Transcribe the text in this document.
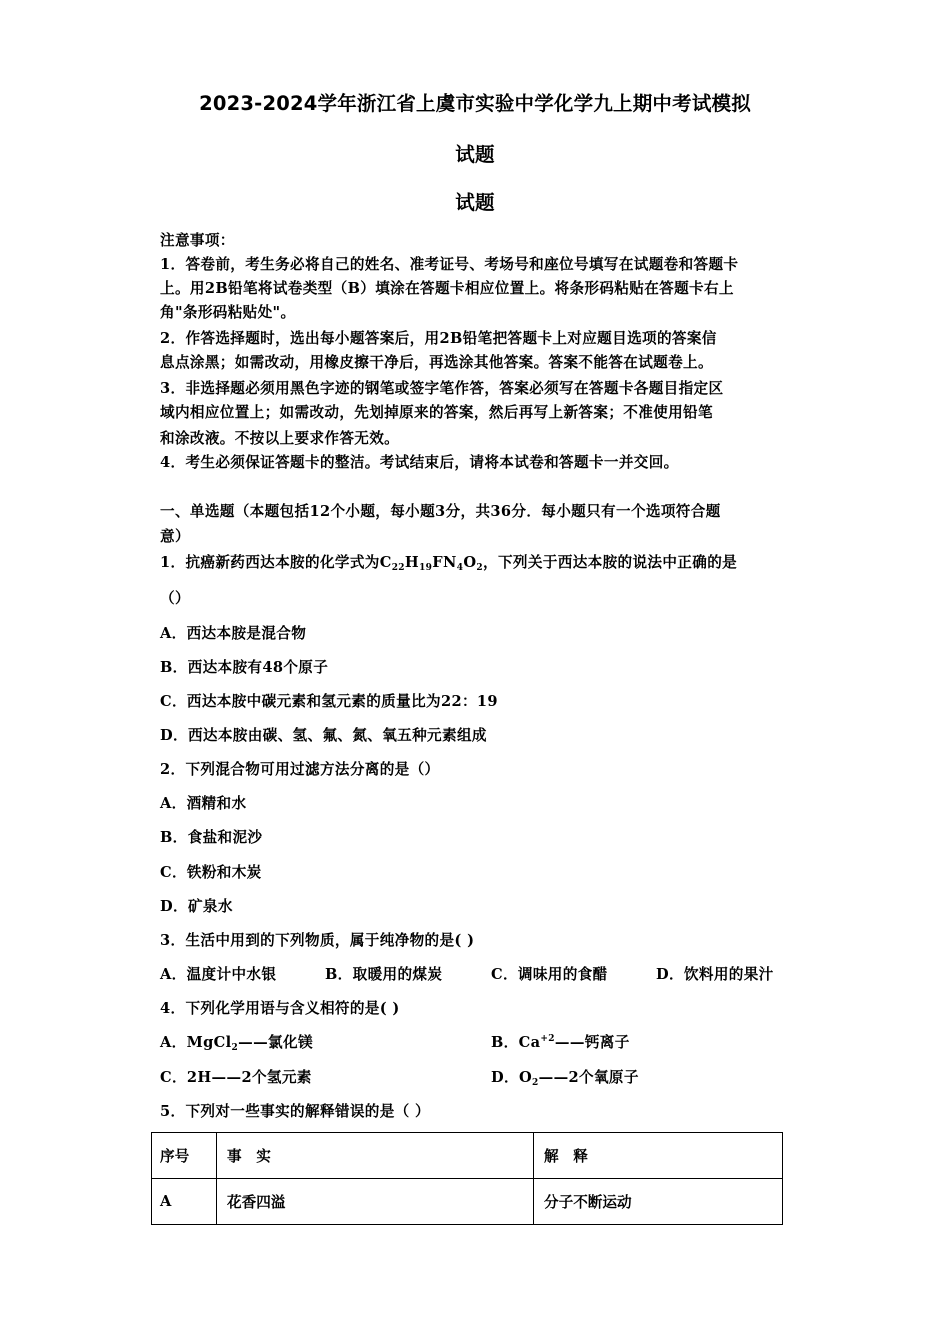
2023-2024学年浙江省上虞市实验中学化学九上期中考试模拟
试题
试题
注意事项：
1．答卷前，考生务必将自己的姓名、准考证号、考场号和座位号填写在试题卷和答题卡
上。用2B铅笔将试卷类型（B）填涂在答题卡相应位置上。将条形码粘贴在答题卡右上
角"条形码粘贴处"。
2．作答选择题时，选出每小题答案后，用2B铅笔把答题卡上对应题目选项的答案信
息点涂黑；如需改动，用橡皮擦干净后，再选涂其他答案。答案不能答在试题卷上。
3．非选择题必须用黑色字迹的钢笔或签字笔作答，答案必须写在答题卡各题目指定区
域内相应位置上；如需改动，先划掉原来的答案，然后再写上新答案；不准使用铅笔
和涂改液。不按以上要求作答无效。
4．考生必须保证答题卡的整洁。考试结束后，请将本试卷和答题卡一并交回。
一、单选题（本题包括12个小题，每小题3分，共36分．每小题只有一个选项符合题
意）
1．抗癌新药西达本胺的化学式为$C_{22}H_{19}FN_4O_2$，下列关于西达本胺的说法中正确的是
（）
A．西达本胺是混合物
B．西达本胺有48个原子
C．西达本胺中碳元素和氢元素的质量比为22：19
D．西达本胺由碳、氢、氟、氮、氧五种元素组成
2．下列混合物可用过滤方法分离的是（）
A．酒精和水
B．食盐和泥沙
C．铁粉和木炭
D．矿泉水
3．生活中用到的下列物质，属于纯净物的是( )
A．温度计中水银	B．取暖用的煤炭	C．调味用的食醋	D．饮料用的果汁
4．下列化学用语与含义相符的是( )
A．MgCl$_2$——氯化镁	B．$Ca^{+2}——$钙离子
C．2H——2个氢元素	D．$O_2——2$个氧原子
5．下列对一些事实的解释错误的是（ ）
序号	事　实	解　释
A	花香四溢	分子不断运动
